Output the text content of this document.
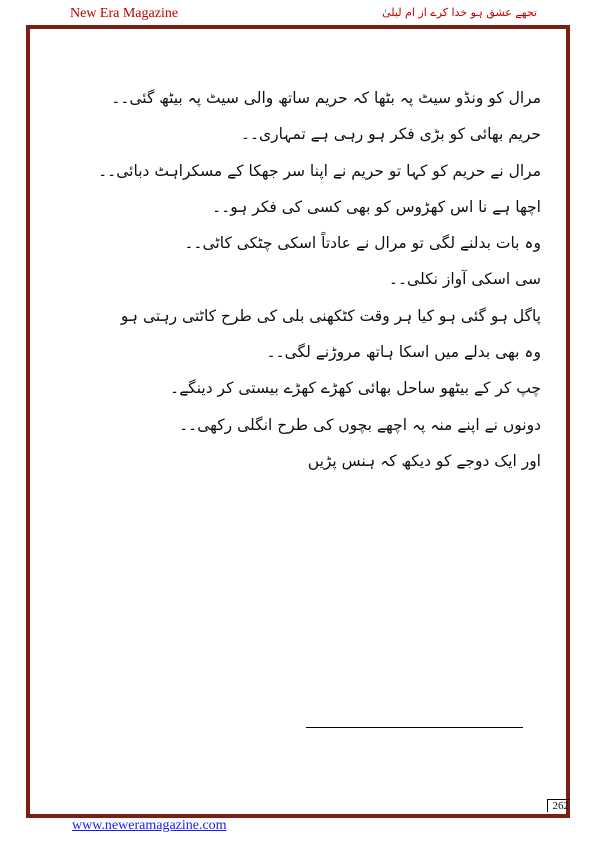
New Era Magazine	تجھے عشق ہو خدا کرے از ام لیلیٰ
مرال کو ونڈو سیٹ پہ بٹھا کہ حریم ساتھ والی سیٹ پہ بیٹھ گئی۔۔
حریم بھائی کو بڑی فکر ہو رہی ہے تمہاری۔۔
مرال نے حریم کو کہا تو حریم نے اپنا سر جھکا کے مسکراہٹ دبائی۔۔
اچھا ہے نا اس کھڑوس کو بھی کسی کی فکر ہو۔۔
وہ بات بدلنے لگی تو مرال نے عادتاً اسکی چٹکی کاٹی۔۔
سی اسکی آواز نکلی۔۔
پاگل ہو گئی ہو کیا ہر وقت کٹکھنی بلی کی طرح کاٹتی رہتی ہو
وہ بھی بدلے میں اسکا ہاتھ مروڑنے لگی۔۔
چپ کر کے بیٹھو ساحل بھائی کھڑے کھڑے بیستی کر دینگے۔
دونوں نے اپنے منہ پہ اچھے بچوں کی طرح انگلی رکھی۔۔
اور ایک دوجے کو دیکھ کہ ہنس پڑیں
262
www.neweramagazine.com
